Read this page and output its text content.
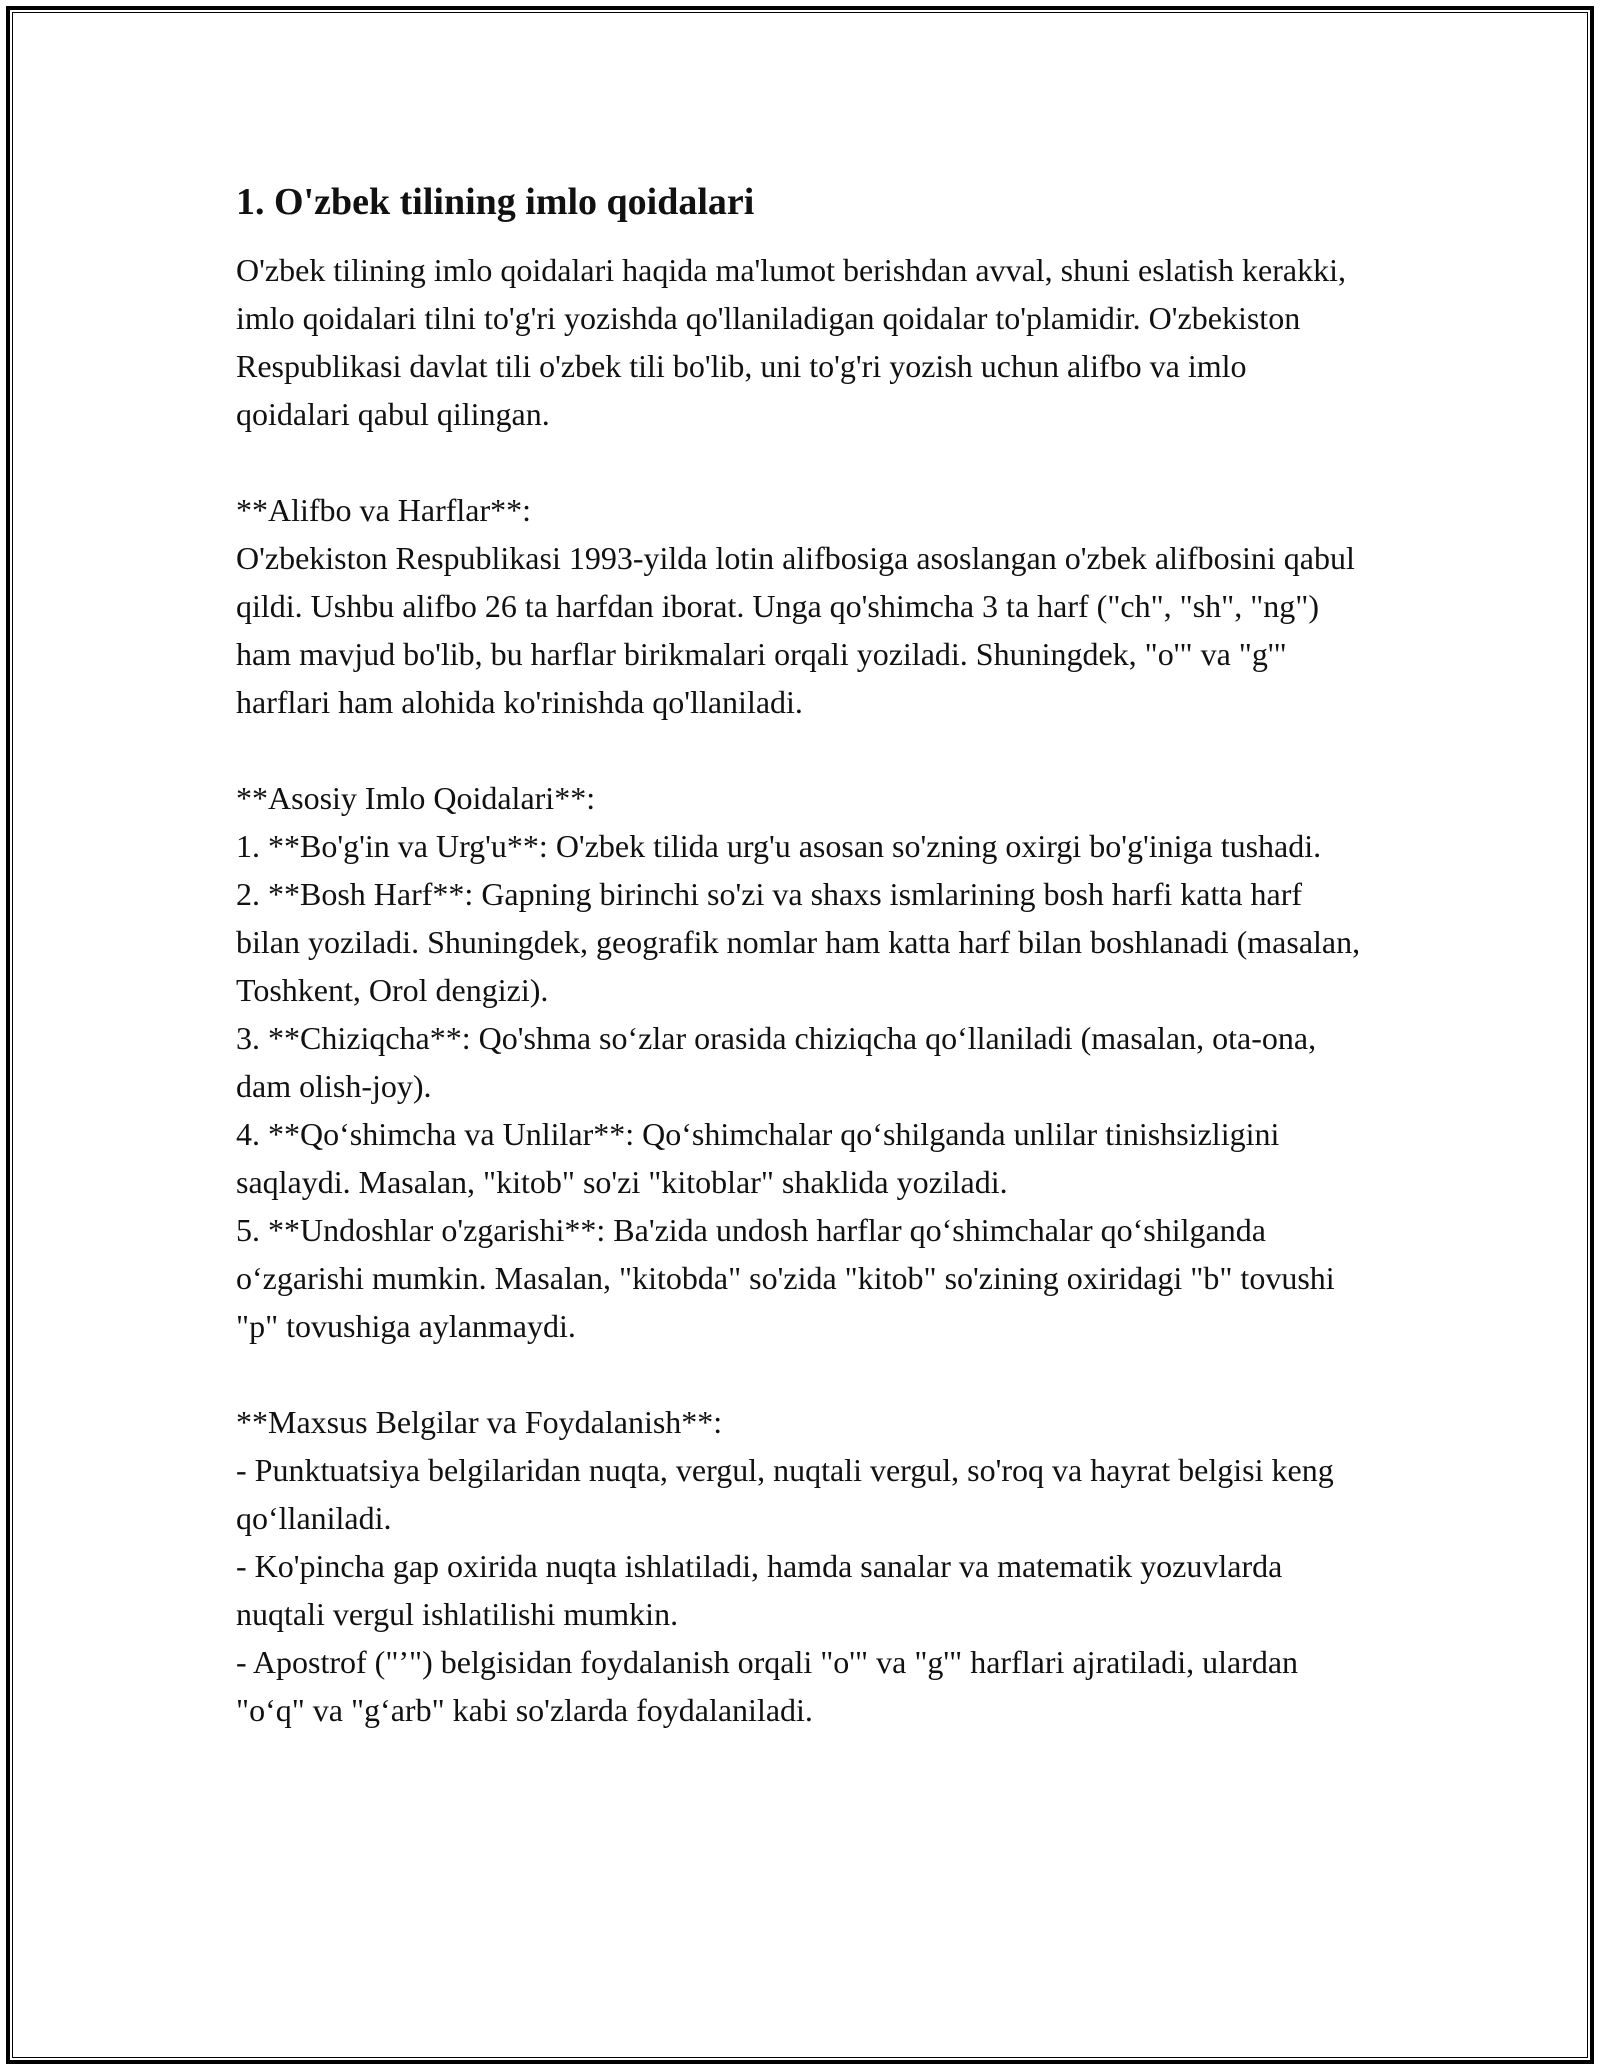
1. O'zbek tilining imlo qoidalari

O'zbek tilining imlo qoidalari haqida ma'lumot berishdan avval, shuni eslatish kerakki, imlo qoidalari tilni to'g'ri yozishda qo'llaniladigan qoidalar to'plamidir. O'zbekiston Respublikasi davlat tili o'zbek tili bo'lib, uni to'g'ri yozish uchun alifbo va imlo qoidalari qabul qilingan.

**Alifbo va Harflar**:

O'zbekiston Respublikasi 1993-yilda lotin alifbosiga asoslangan o'zbek alifbosini qabul qildi. Ushbu alifbo 26 ta harfdan iborat. Unga qo'shimcha 3 ta harf ("ch", "sh", "ng") ham mavjud bo'lib, bu harflar birikmalari orqali yoziladi. Shuningdek, "o'" va "g'" harflari ham alohida ko'rinishda qo'llaniladi.

**Asosiy Imlo Qoidalari**:

1. **Bo'g'in va Urg'u**: O'zbek tilida urg'u asosan so'zning oxirgi bo'g'iniga tushadi.

2. **Bosh Harf**: Gapning birinchi so'zi va shaxs ismlarining bosh harfi katta harf bilan yoziladi. Shuningdek, geografik nomlar ham katta harf bilan boshlanadi (masalan, Toshkent, Orol dengizi).

3. **Chiziqcha**: Qo'shma so‘zlar orasida chiziqcha qo‘llaniladi (masalan, ota-ona, dam olish-joy).

4. **Qo‘shimcha va Unlilar**: Qo‘shimchalar qo‘shilganda unlilar tinishsizligini saqlaydi. Masalan, "kitob" so'zi "kitoblar" shaklida yoziladi.

5. **Undoshlar o'zgarishi**: Ba'zida undosh harflar qo‘shimchalar qo‘shilganda o‘zgarishi mumkin. Masalan, "kitobda" so'zida "kitob" so'zining oxiridagi "b" tovushi "p" tovushiga aylanmaydi.

**Maxsus Belgilar va Foydalanish**:

- Punktuatsiya belgilaridan nuqta, vergul, nuqtali vergul, so'roq va hayrat belgisi keng qo‘llaniladi.

- Ko'pincha gap oxirida nuqta ishlatiladi, hamda sanalar va matematik yozuvlarda nuqtali vergul ishlatilishi mumkin.

- Apostrof ("’") belgisidan foydalanish orqali "o'" va "g'" harflari ajratiladi, ulardan "o‘q" va "g‘arb" kabi so'zlarda foydalaniladi.
